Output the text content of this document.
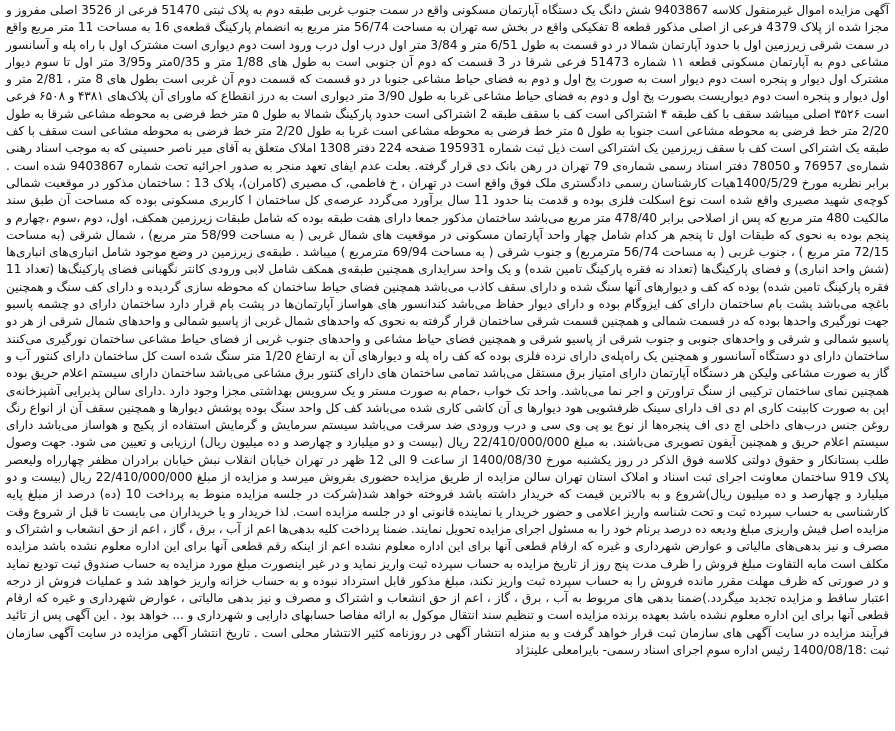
آگهی مزایده اموال غیرمنقول کلاسه 9403867 شش دانگ یک دستگاه آپارتمان مسکونی واقع در سمت جنوب غربی طبقه دوم به پلاک ثبتی 51470 فرعی از 3526 اصلی مفروز و مجزا شده از پلاک 4379 فرعی از اصلی مذکور قطعه 8 تفکیکی واقع در بخش سه تهران به مساحت 56/74 متر مربع به انضمام پارکینگ قطعه‌ی 16 به مساحت 11 متر مربع واقع در سمت شرقی زیرزمین اول با حدود آپارتمان شمالا در دو قسمت به طول 6/51 متر و 3/84 متر اول درب اول درب ورود است دوم دیواری است مشترک اول با راه پله و آسانسور مشاعی دوم به آپارتمان مسکونی قطعه ۱۱ شماره 51473 فرعی شرقا در 3 قسمت که دوم آن جنوبی است به طول های 1/88 متر و 0/35متر و3/95 متر اول تا سوم دیوار مشترک اول دیوار و پنجره است دوم دیوار است به صورت پخ اول و دوم به فضای حیاط مشاعی جنوبا در دو قسمت که قسمت دوم آن غربی است بطول های 8 متر ، 2/81 متر و اول دیوار و پنجره است دوم دیواریست بصورت پخ اول و دوم به فضای حیاط مشاعی غربا به طول 3/90 متر دیواری است به درز انقطاع که ماورای آن پلاک‌های ۴۳۸۱ و ۶۵۰۸ فرعی است ۳۵۲۶ اصلی میباشد سقف با کف طبقه ۴ اشتراکی است کف با سقف طبقه 2 اشتراکی است حدود پارکینگ شمالا به طول ۵ متر خط فرضی به محوطه مشاعی شرقا به طول 2/20 متر خط فرضی به محوطه مشاعی است جنوبا به طول ۵ متر خط فرضی به محوطه مشاعی است غربا به طول 2/20 متر خط فرضی به محوطه مشاعی است سقف با کف طبقه یک اشتراکی است کف با سقف زیرزمین یک اشتراکی است ذیل ثبت شماره 195931 صفحه 224 دفتر 1308 املاک متعلق به آقای میر ناصر حسینی که به موجب اسناد رهنی شماره‌ی 76957 و 78050 دفتر اسناد رسمی شماره‌ی 79 تهران در رهن بانک دی قرار گرفته. بعلت عدم ایفای تعهد منجر به صدور اجرائیه تحت شماره 9403867 شده است . برابر نظریه مورخ 1400/5/29هیات کارشناسان رسمی دادگستری ملک فوق واقع است در تهران ، خ فاطمی، ک مصیری (کامران)، پلاک 13 : ساختمان مذکور در موقعیت شمالی کوچه‌ی شهید مصیری واقع شده است نوع اسکلت فلزی بوده و قدمت بنا حدود 11 سال برآورد می‌گردد عرصه‌ی کل ساختمان ا کاربری مسکونی بوده که مساحت آن طبق سند مالکیت 480 متر مربع که پس از اصلاحی برابر 478/40 متر مربع می‌باشد ساختمان مذکور جمعا دارای هفت طبقه بوده که شامل طبقات زیرزمین همکف، اول، دوم ،سوم ،چهارم و پنجم بوده به نحوی که طبقات اول تا پنجم هر کدام شامل چهار واحد آپارتمان مسکونی در موقعیت های شمال غربی ( به مساحت 58/99 متر مربع) ، شمال شرقی (به مساحت 72/15 متر مربع ) ، جنوب غربی ( به مساحت 56/74 مترمربع) و جنوب شرقی ( به مساحت 69/94 مترمربع ) میباشد . طبقه‌ی زیرزمین در وضع موجود شامل انباری‌های انباری‌ها (شش واحد انباری) و فضای پارکینگ‌ها (تعداد نه فقره پارکینگ تامین شده) و یک واحد سرایداری همچنین طبقه‌ی همکف شامل لابی ورودی کانتر نگهبانی فضای پارکینگ‌ها (تعداد 11 فقره پارکینگ تامین شده) بوده که کف و دیوارهای آنها سنگ شده و دارای سقف کاذب می‌باشد همچنین فضای حیاط ساختمان که محوطه سازی گردیده و دارای کف سنگ و همچنین باغچه می‌باشد پشت بام ساختمان دارای کف ایزوگام بوده و دارای دیوار حفاظ می‌باشد کندانسور های هواساز آپارتمان‌ها در پشت بام قرار دارد ساختمان دارای دو چشمه پاسیو جهت نورگیری واحدها بوده که در قسمت شمالی و همچنین قسمت شرقی ساختمان قرار گرفته به نحوی که واحدهای شمال غربی از پاسیو شمالی و واحدهای شمال شرقی از هر دو پاسیو شمالی و شرقی و واحدهای جنوبی و جنوب شرقی از پاسیو شرقی و همچنین فضای حیاط مشاعی و واحدهای جنوب غربی از فضای حیاط مشاعی ساختمان نورگیری می‌کنند ساختمان دارای دو دستگاه آسانسور و همچنین یک راه‌پله‌ی دارای نرده فلزی بوده که کف راه پله و دیوارهای آن به ارتفاع 1/20 متر سنگ شده است کل ساختمان دارای کنتور آب و گاز به صورت مشاعی ولیکن هر دستگاه آپارتمان دارای امتیاز برق مستقل می‌باشد تمامی ساختمان های دارای کنتور برق مشاعی می‌باشد ساختمان دارای سیستم اعلام حریق بوده همچنین نمای ساختمان ترکیبی از سنگ تراورتن و اجر نما می‌باشد. واحد تک خواب ،حمام به صورت مستر و یک سرویس بهداشتی مجزا وجود دارد .دارای سالن پذیرایی آشپزخانه‌ی اپن به صورت کابینت کاری ام دی اف دارای سینک ظرفشویی هود دیوارها ی آن کاشی کاری شده می‌باشد کف کل واحد سنگ بوده پوشش دیوارها و همچنین سقف آن از انواع رنگ روغن جنس درب‌های داخلی اچ دی اف پنجره‌ها از نوع یو پی وی سی و درب ورودی ضد سرقت می‌باشد سیستم سرمایش و گرمایش استفاده از پکیج و هواساز می‌باشد دارای سیستم اعلام حریق و همچنین آیفون تصویری می‌باشند. به مبلغ 22/410/000/000 ریال (بیست و دو میلیارد و چهارصد و ده میلیون ریال) ارزیابی و تعیین می شود. جهت وصول طلب بستانکار و حقوق دولتی کلاسه فوق الذکر در روز یکشنبه مورخ 1400/08/30 از ساعت 9 الی 12 ظهر در تهران خیابان انقلاب نبش خیابان برادران مظفر چهارراه ولیعصر پلاک 919 ساختمان معاونت اجرای ثبت اسناد و املاک استان تهران سالن مزایده از طریق مزایده حضوری بفروش میرسد و مزایده از مبلغ 22/410/000/000 ریال (بیست و دو میلیارد و چهارصد و ده میلیون ریال)شروع و به بالاترین قیمت که خریدار داشته باشد فروخته خواهد شد(شرکت در جلسه مزایده منوط به پرداخت 10 (ده) درصد از مبلغ پایه کارشناسی به حساب سپرده ثبت و تحت شناسه واریز اعلامی و حضور خریدار یا نماینده قانونی او در جلسه مزایده است. لذا خریدار و یا خریداران می بایست تا قبل از شروع وقت مزایده اصل فیش واریزی مبلغ ودیعه ده درصد برنام خود را به مسئول اجرای مزایده تحویل نمایند. ضمنا پرداخت کلیه بدهی‌ها اعم از آب ، برق ، گاز ، اعم از حق انشعاب و اشتراک و مصرف و نیز بدهی‌های مالیاتی و عوارض شهرداری و غیره که ارقام قطعی آنها برای این اداره معلوم نشده اعم از اینکه رقم قطعی آنها برای این اداره معلوم نشده باشد مزایده مکلف است مابه التفاوت مبلغ فروش را ظرف مدت پنج روز از تاریخ مزایده به حساب سپرده ثبت واریز نماید و در غیر اینصورت مبلغ مورد مزایده به حساب صندوق ثبت تودیع نماید و در صورتی که ظرف مهلت مقرر مانده فروش را به حساب سپرده ثبت واریز نکند، مبلغ مذکور قابل استرداد نبوده و به حساب خزانه واریز خواهد شد و عملیات فروش از درجه اعتبار ساقط و مزایده تجدید میگردد.)ضمنا بدهی های مربوط به آب ، برق ، گاز ، اعم از حق انشعاب و اشتراک و مصرف و نیز بدهی مالیاتی ، عوارض شهرداری و غیره که ارقام قطعی آنها برای این اداره معلوم نشده باشد بعهده برنده مزایده است و تنظیم سند انتقال موکول به ارائه مفاصا حسابهای دارایی و شهرداری و ... خواهد بود . این آگهی پس از تائید فرآیند مزایده در سایت آگهی های سازمان ثبت قرار خواهد گرفت و به منزله انتشار آگهی در روزنامه کثیر الانتشار محلی است . تاریخ انتشار آگهی مزایده در سایت آگهی سازمان ثبت :1400/08/18 رئیس اداره سوم اجرای اسناد رسمی- بایرامعلی علینژاد
